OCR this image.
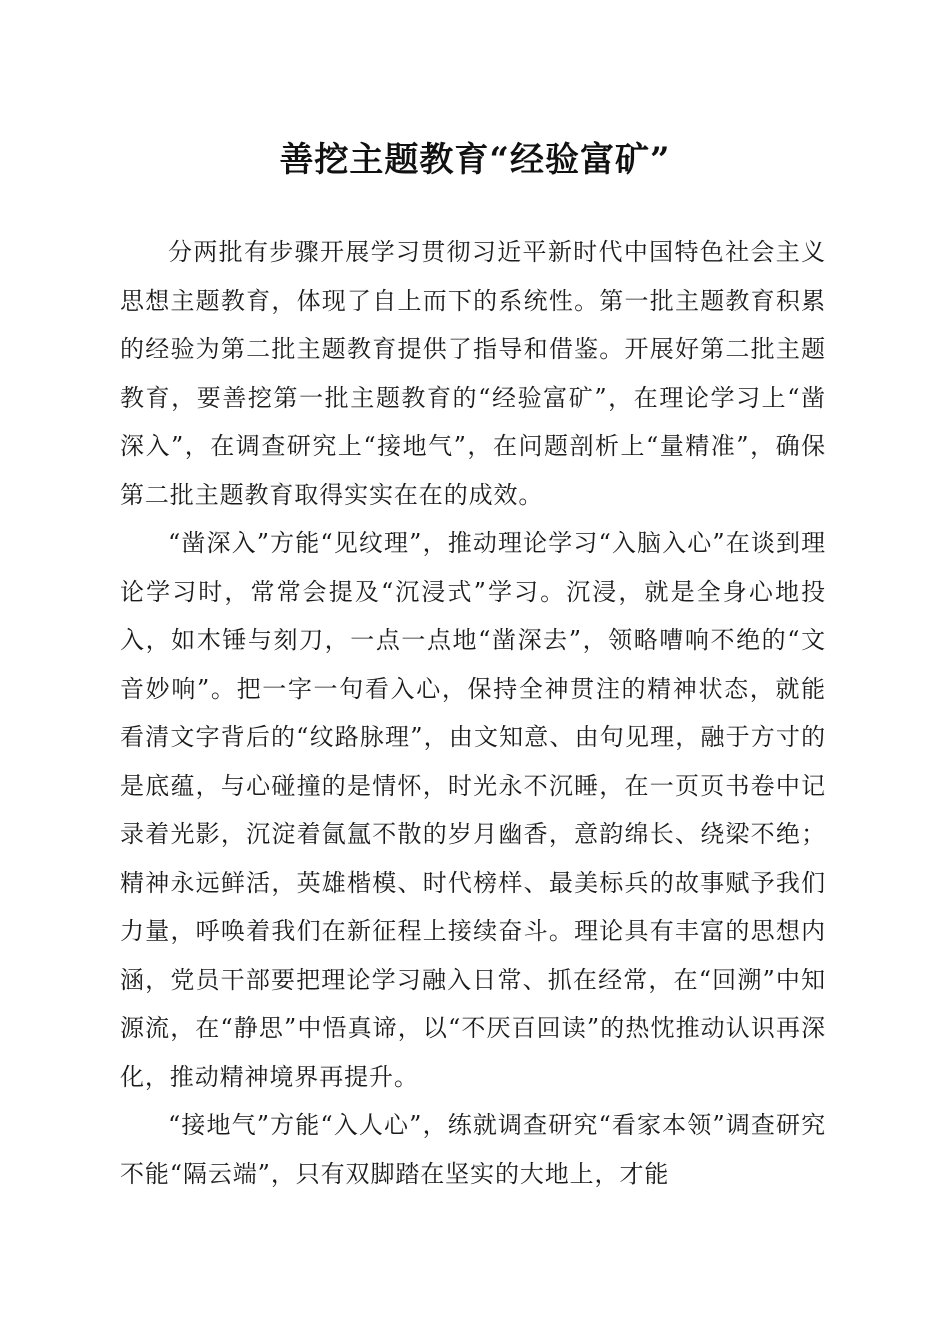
善挖主题教育“经验富矿”

分两批有步骤开展学习贯彻习近平新时代中国特色社会主义思想主题教育，体现了自上而下的系统性。第一批主题教育积累的经验为第二批主题教育提供了指导和借鉴。开展好第二批主题教育，要善挖第一批主题教育的“经验富矿”，在理论学习上“凿深入”，在调查研究上“接地气”，在问题剖析上“量精准”，确保第二批主题教育取得实实在在的成效。

“凿深入”方能“见纹理”，推动理论学习“入脑入心”在谈到理论学习时，常常会提及“沉浸式”学习。沉浸，就是全身心地投入，如木锤与刻刀，一点一点地“凿深去”，领略嘈响不绝的“文音妙响”。把一字一句看入心，保持全神贯注的精神状态，就能看清文字背后的“纹路脉理”，由文知意、由句见理，融于方寸的是底蕴，与心碰撞的是情怀，时光永不沉睡，在一页页书卷中记录着光影，沉淀着氤氲不散的岁月幽香，意韵绵长、绕梁不绝；精神永远鲜活，英雄楷模、时代榜样、最美标兵的故事赋予我们力量，呼唤着我们在新征程上接续奋斗。理论具有丰富的思想内涵，党员干部要把理论学习融入日常、抓在经常，在“回溯”中知源流，在“静思”中悟真谛，以“不厌百回读”的热忱推动认识再深化，推动精神境界再提升。

“接地气”方能“入人心”，练就调查研究“看家本领”调查研究不能“隔云端”，只有双脚踏在坚实的大地上，才能
